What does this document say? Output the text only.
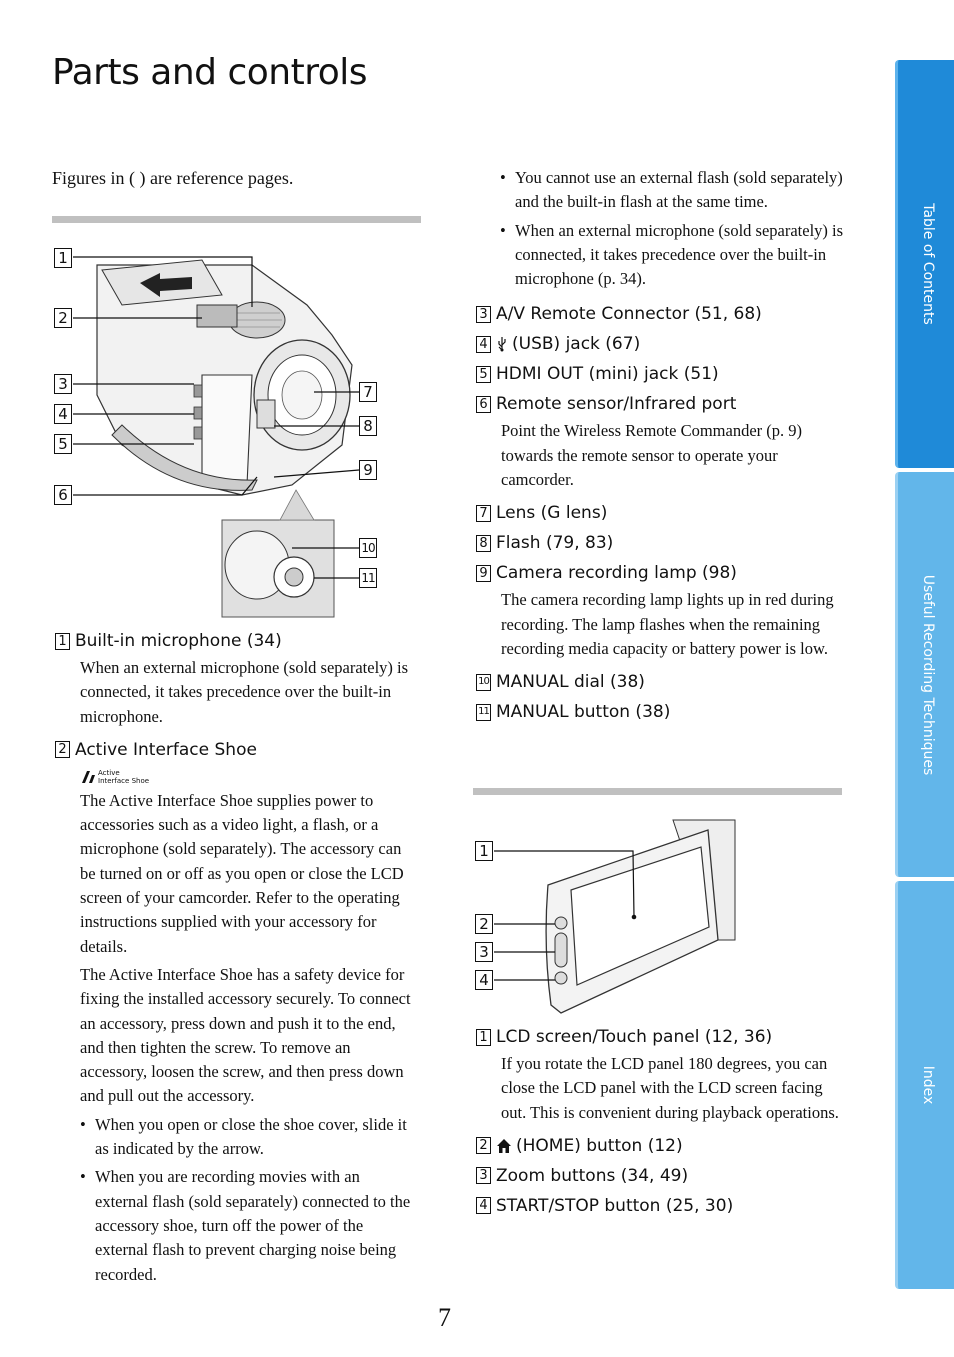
Parts and controls
Figures in ( ) are reference pages.
1
2
3
4
5
6
7
8
9
10
11
1 Built-in microphone (34)
When an external microphone (sold separately) is connected, it takes precedence over the built-in microphone.
2 Active Interface Shoe
Active
Interface Shoe
The Active Interface Shoe supplies power to accessories such as a video light, a flash, or a microphone (sold separately). The accessory can be turned on or off as you open or close the LCD screen of your camcorder. Refer to the operating instructions supplied with your accessory for details.
The Active Interface Shoe has a safety device for fixing the installed accessory securely. To connect an accessory, press down and push it to the end, and then tighten the screw. To remove an accessory, loosen the screw, and then press down and pull out the accessory.
• When you open or close the shoe cover, slide it as indicated by the arrow.
• When you are recording movies with an external flash (sold separately) connected to the accessory shoe, turn off the power of the external flash to prevent charging noise being recorded.
• You cannot use an external flash (sold separately) and the built-in flash at the same time.
• When an external microphone (sold separately) is connected, it takes precedence over the built-in microphone (p. 34).
3 A/V Remote Connector (51, 68)
4 (USB) jack (67)
5 HDMI OUT (mini) jack (51)
6 Remote sensor/Infrared port
Point the Wireless Remote Commander (p. 9) towards the remote sensor to operate your camcorder.
7 Lens (G lens)
8 Flash (79, 83)
9 Camera recording lamp (98)
The camera recording lamp lights up in red during recording. The lamp flashes when the remaining recording media capacity or battery power is low.
10 MANUAL dial (38)
11 MANUAL button (38)
1
2
3
4
1 LCD screen/Touch panel (12, 36)
If you rotate the LCD panel 180 degrees, you can close the LCD panel with the LCD screen facing out. This is convenient during playback operations.
2 (HOME) button (12)
3 Zoom buttons (34, 49)
4 START/STOP button (25, 30)
Table of Contents
Useful Recording Techniques
Index
7
